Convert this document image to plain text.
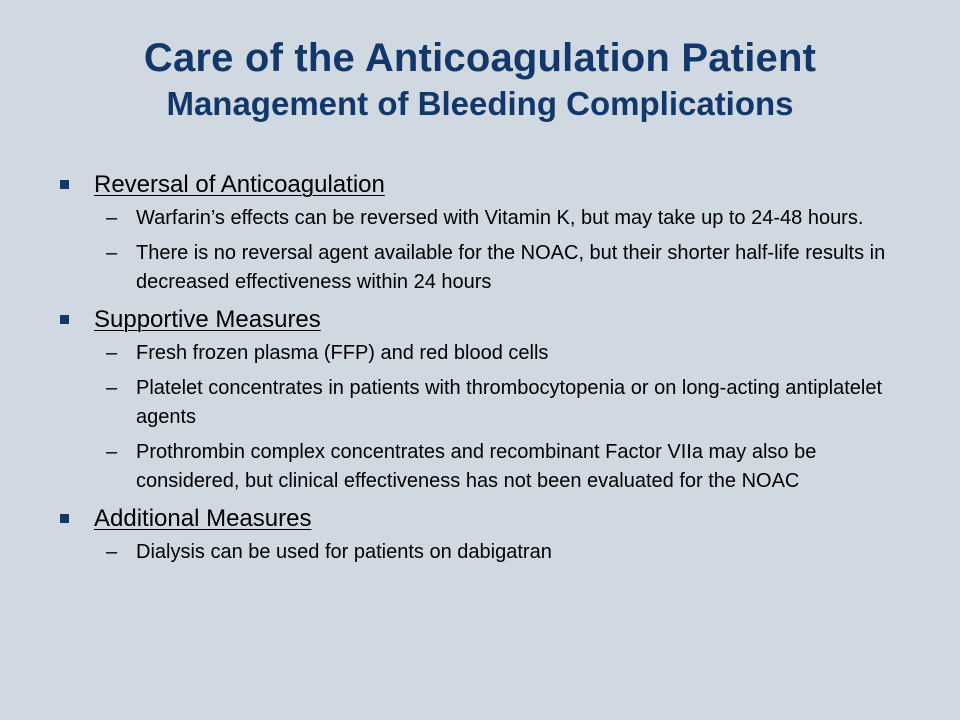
Care of the Anticoagulation Patient
Management of Bleeding Complications
Reversal of Anticoagulation
– Warfarin’s effects can be reversed with Vitamin K, but may take up to 24-48 hours.
– There is no reversal agent available for the NOAC, but their shorter half-life results in decreased effectiveness within 24 hours
Supportive Measures
– Fresh frozen plasma (FFP) and red blood cells
– Platelet concentrates in patients with thrombocytopenia or on long-acting antiplatelet agents
– Prothrombin complex concentrates and recombinant Factor VIIa may also be considered, but clinical effectiveness has not been evaluated for the NOAC
Additional Measures
– Dialysis can be used for patients on dabigatran
